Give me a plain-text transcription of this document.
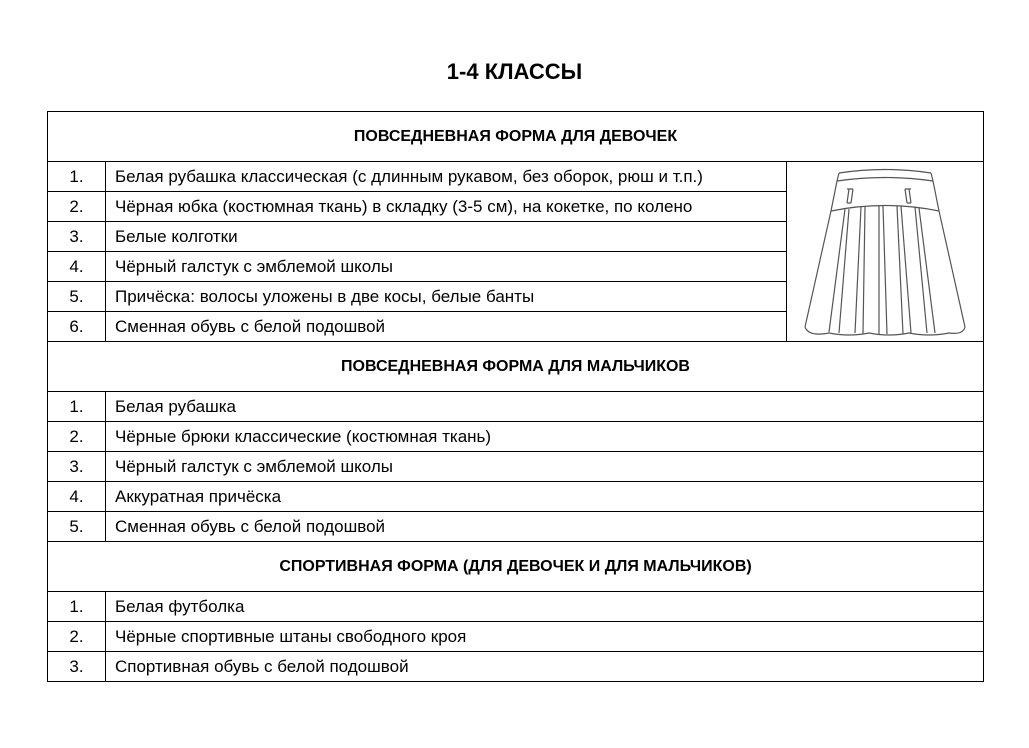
1-4 КЛАССЫ
ПОВСЕДНЕВНАЯ ФОРМА ДЛЯ ДЕВОЧЕК		
1.	Белая рубашка классическая (с длинным рукавом, без оборок, рюш и т.п.)	

2.	Чёрная юбка (костюмная ткань) в складку (3-5 см), на кокетке, по колено	
3.	Белые колготки	
4.	Чёрный галстук с эмблемой школы	
5.	Причёска: волосы уложены в две косы, белые банты	
6.	Сменная обувь с белой подошвой	
ПОВСЕДНЕВНАЯ ФОРМА ДЛЯ МАЛЬЧИКОВ		
1.	Белая рубашка	
2.	Чёрные брюки классические (костюмная ткань)	
3.	Чёрный галстук с эмблемой школы	
4.	Аккуратная причёска	
5.	Сменная обувь с белой подошвой	
СПОРТИВНАЯ ФОРМА (ДЛЯ ДЕВОЧЕК И ДЛЯ МАЛЬЧИКОВ)		
1.	Белая футболка	
2.	Чёрные спортивные штаны свободного кроя	
3.	Спортивная обувь с белой подошвой	
